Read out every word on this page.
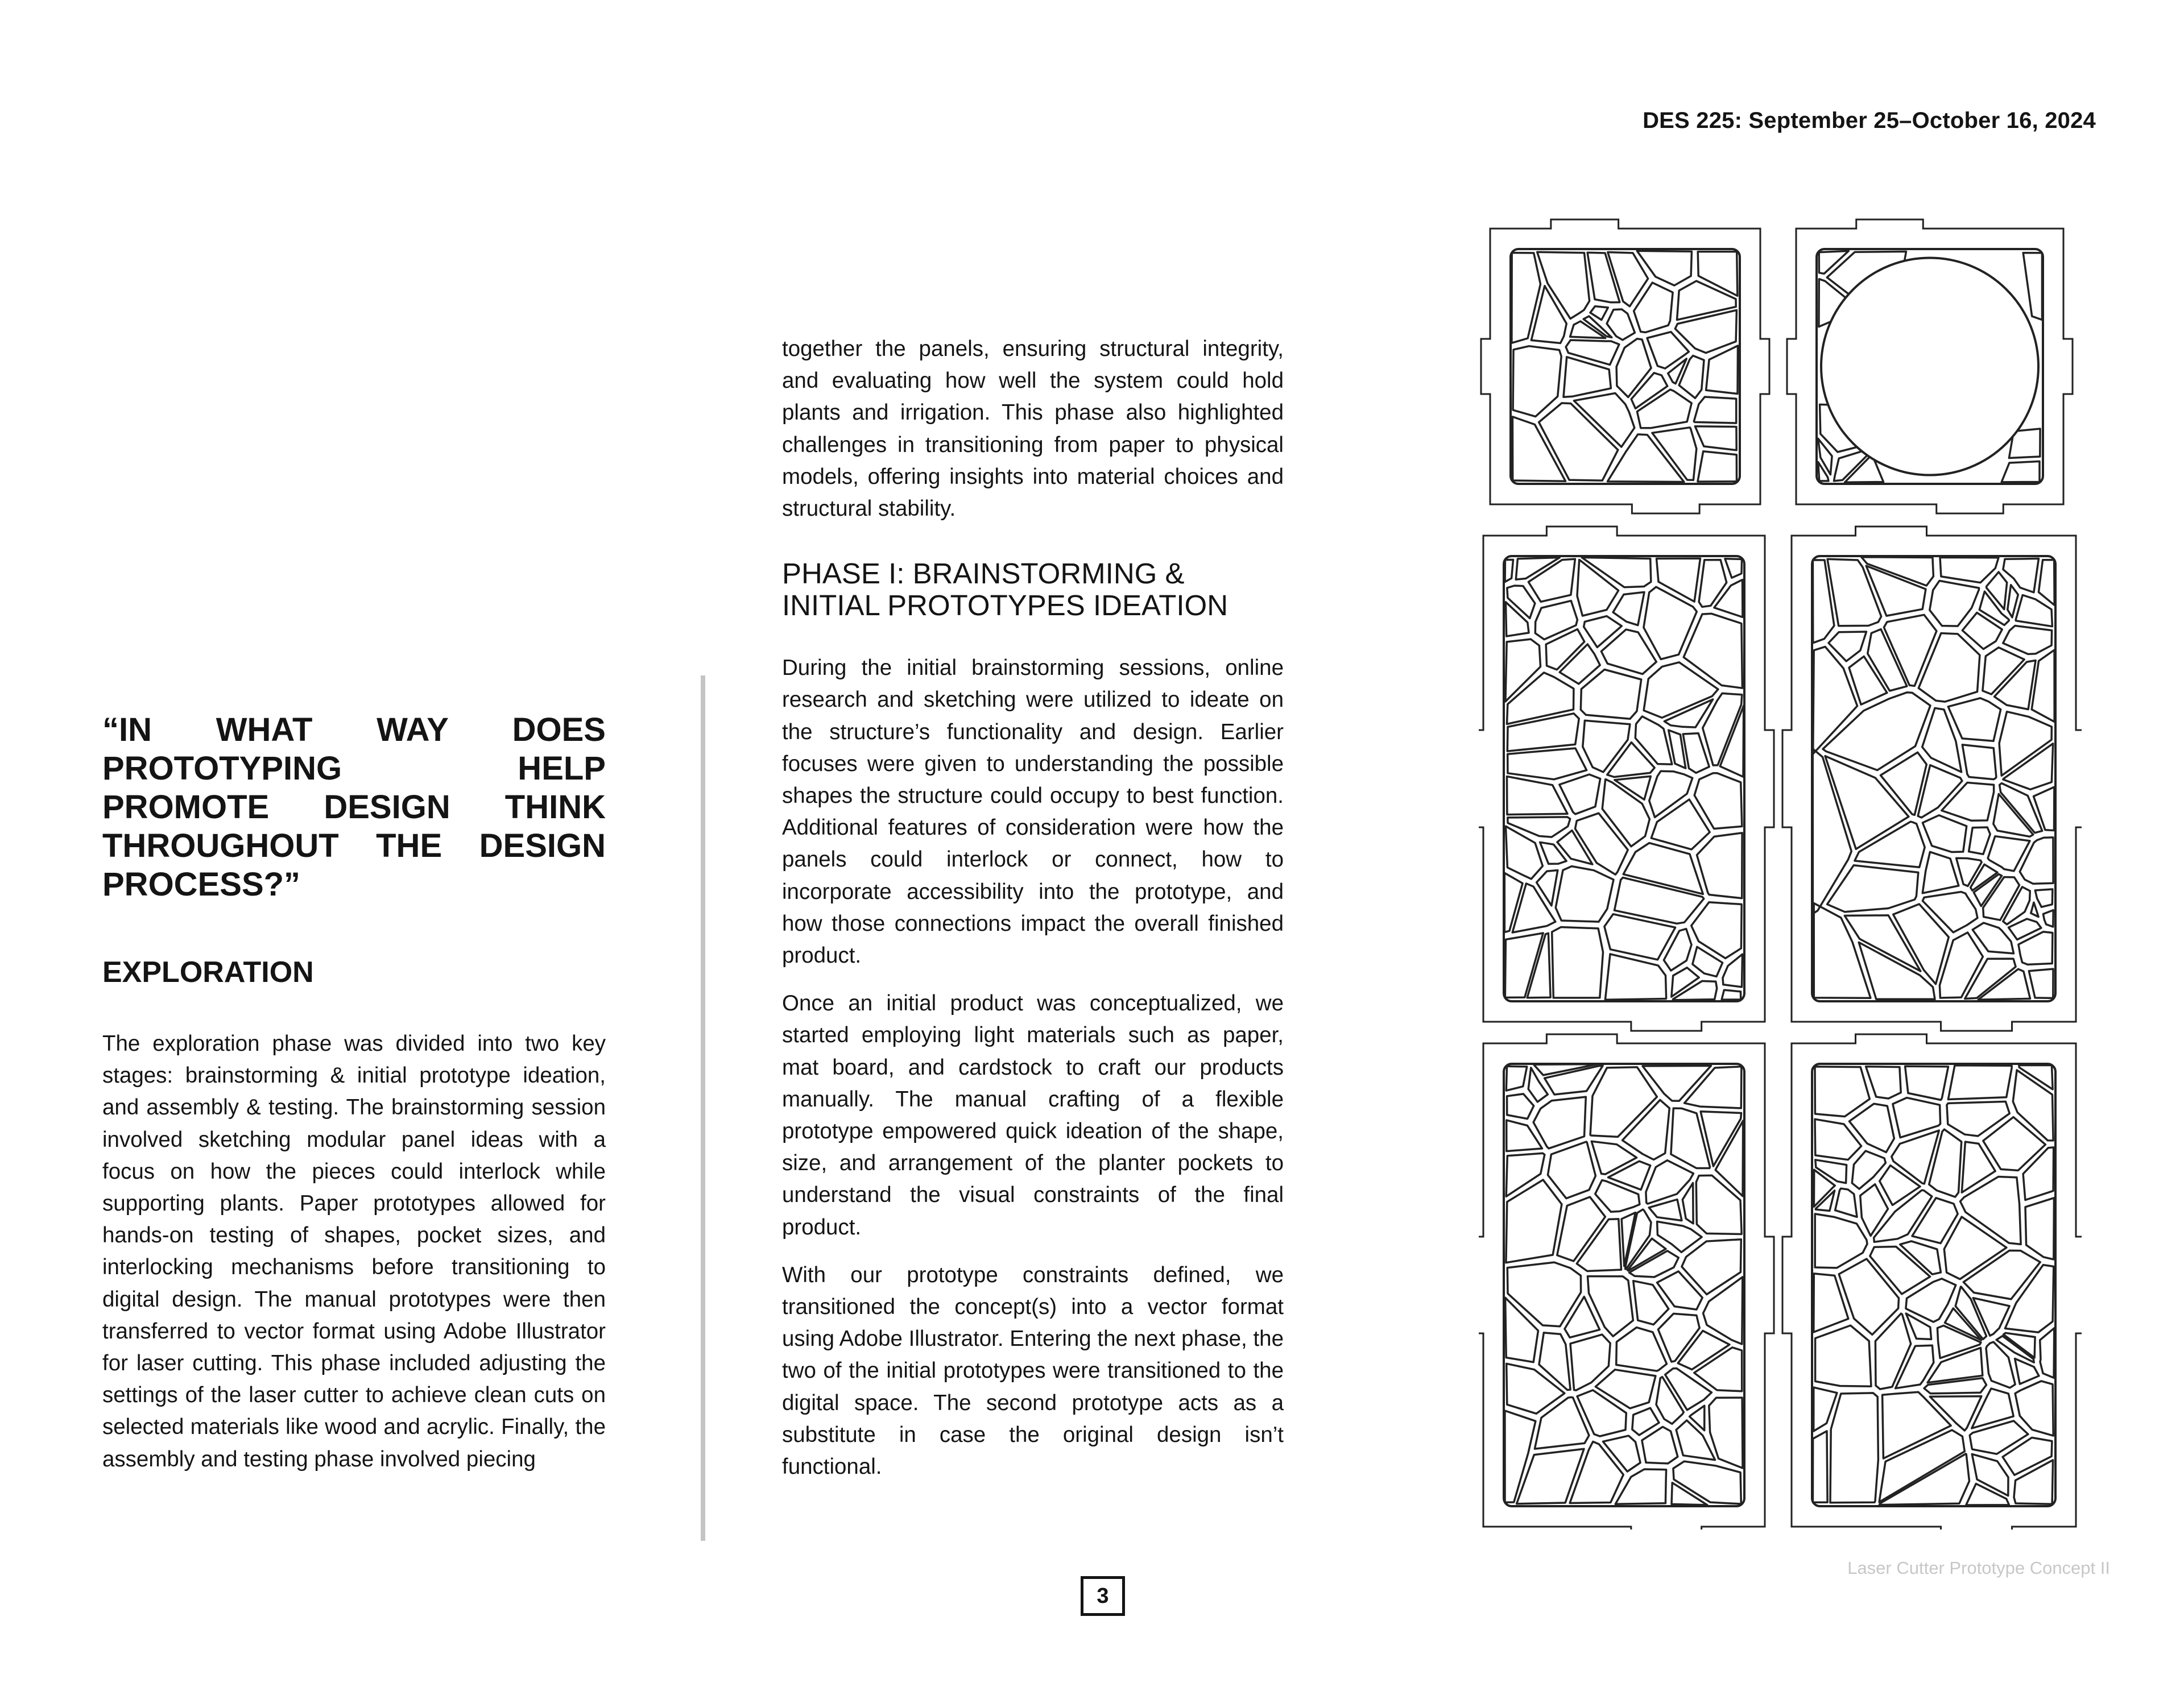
DES 225: September 25–October 16, 2024
“IN WHAT WAY DOES PROTOTYPING HELP PROMOTE DESIGN THINK THROUGHOUT THE DESIGN PROCESS?”
EXPLORATION

The exploration phase was divided into two key stages: brainstorming & initial prototype ideation, and assembly & testing. The brainstorming session involved sketching modular panel ideas with a focus on how the pieces could interlock while supporting plants. Paper prototypes allowed for hands-on testing of shapes, pocket sizes, and interlocking mechanisms before transitioning to digital design. The manual prototypes were then transferred to vector format using Adobe Illustrator for laser cutting. This phase included adjusting the settings of the laser cutter to achieve clean cuts on selected materials like wood and acrylic. Finally, the assembly and testing phase involved piecing

together the panels, ensuring structural integrity, and evaluating how well the system could hold plants and irrigation. This phase also highlighted challenges in transitioning from paper to physical models, offering insights into material choices and structural stability.

PHASE I: BRAINSTORMING &
INITIAL PROTOTYPES IDEATION

During the initial brainstorming sessions, online research and sketching were utilized to ideate on the structure’s functionality and design. Earlier focuses were given to understanding the possible shapes the structure could occupy to best function. Additional features of consideration were how the panels could interlock or connect, how to incorporate accessibility into the prototype, and how those connections impact the overall finished product.

Once an initial product was conceptualized, we started employing light materials such as paper, mat board, and cardstock to craft our products manually. The manual crafting of a flexible prototype empowered quick ideation of the shape, size, and arrangement of the planter pockets to understand the visual constraints of the final product.

With our prototype constraints defined, we transitioned the concept(s) into a vector format using Adobe Illustrator. Entering the next phase, the two of the initial prototypes were transitioned to the digital space. The second prototype acts as a substitute in case the original design isn’t functional.

Laser Cutter Prototype Concept II

3
